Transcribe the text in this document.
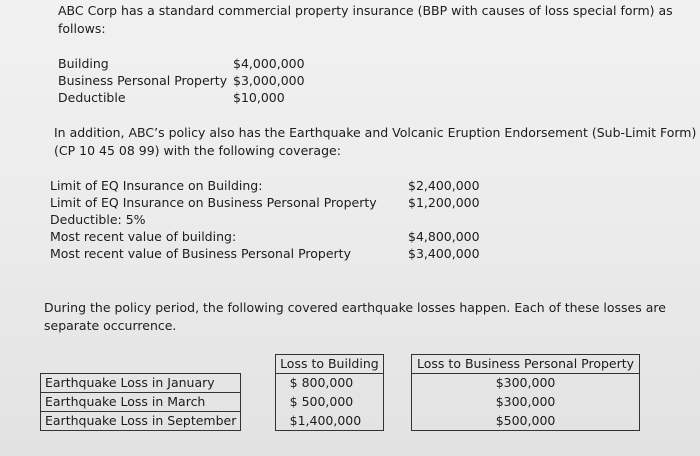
ABC Corp has a standard commercial property insurance (BBP with causes of loss special form) as
follows:
Building	$4,000,000
Business Personal Property $3,000,000
Deductible	$10,000
In addition, ABC’s policy also has the Earthquake and Volcanic Eruption Endorsement (Sub-Limit Form)
(CP 10 45 08 99) with the following coverage:
Limit of EQ Insurance on Building:	$2,400,000
Limit of EQ Insurance on Business Personal Property	$1,200,000
Deductible: 5%
Most recent value of building:	$4,800,000
Most recent value of Business Personal Property	$3,400,000
During the policy period, the following covered earthquake losses happen. Each of these losses are
separate occurrence.
		Loss to Building		Loss to Business Personal Property
Earthquake Loss in January		$ 800,000		$300,000
Earthquake Loss in March		$ 500,000		$300,000
Earthquake Loss in September		$1,400,000		$500,000
